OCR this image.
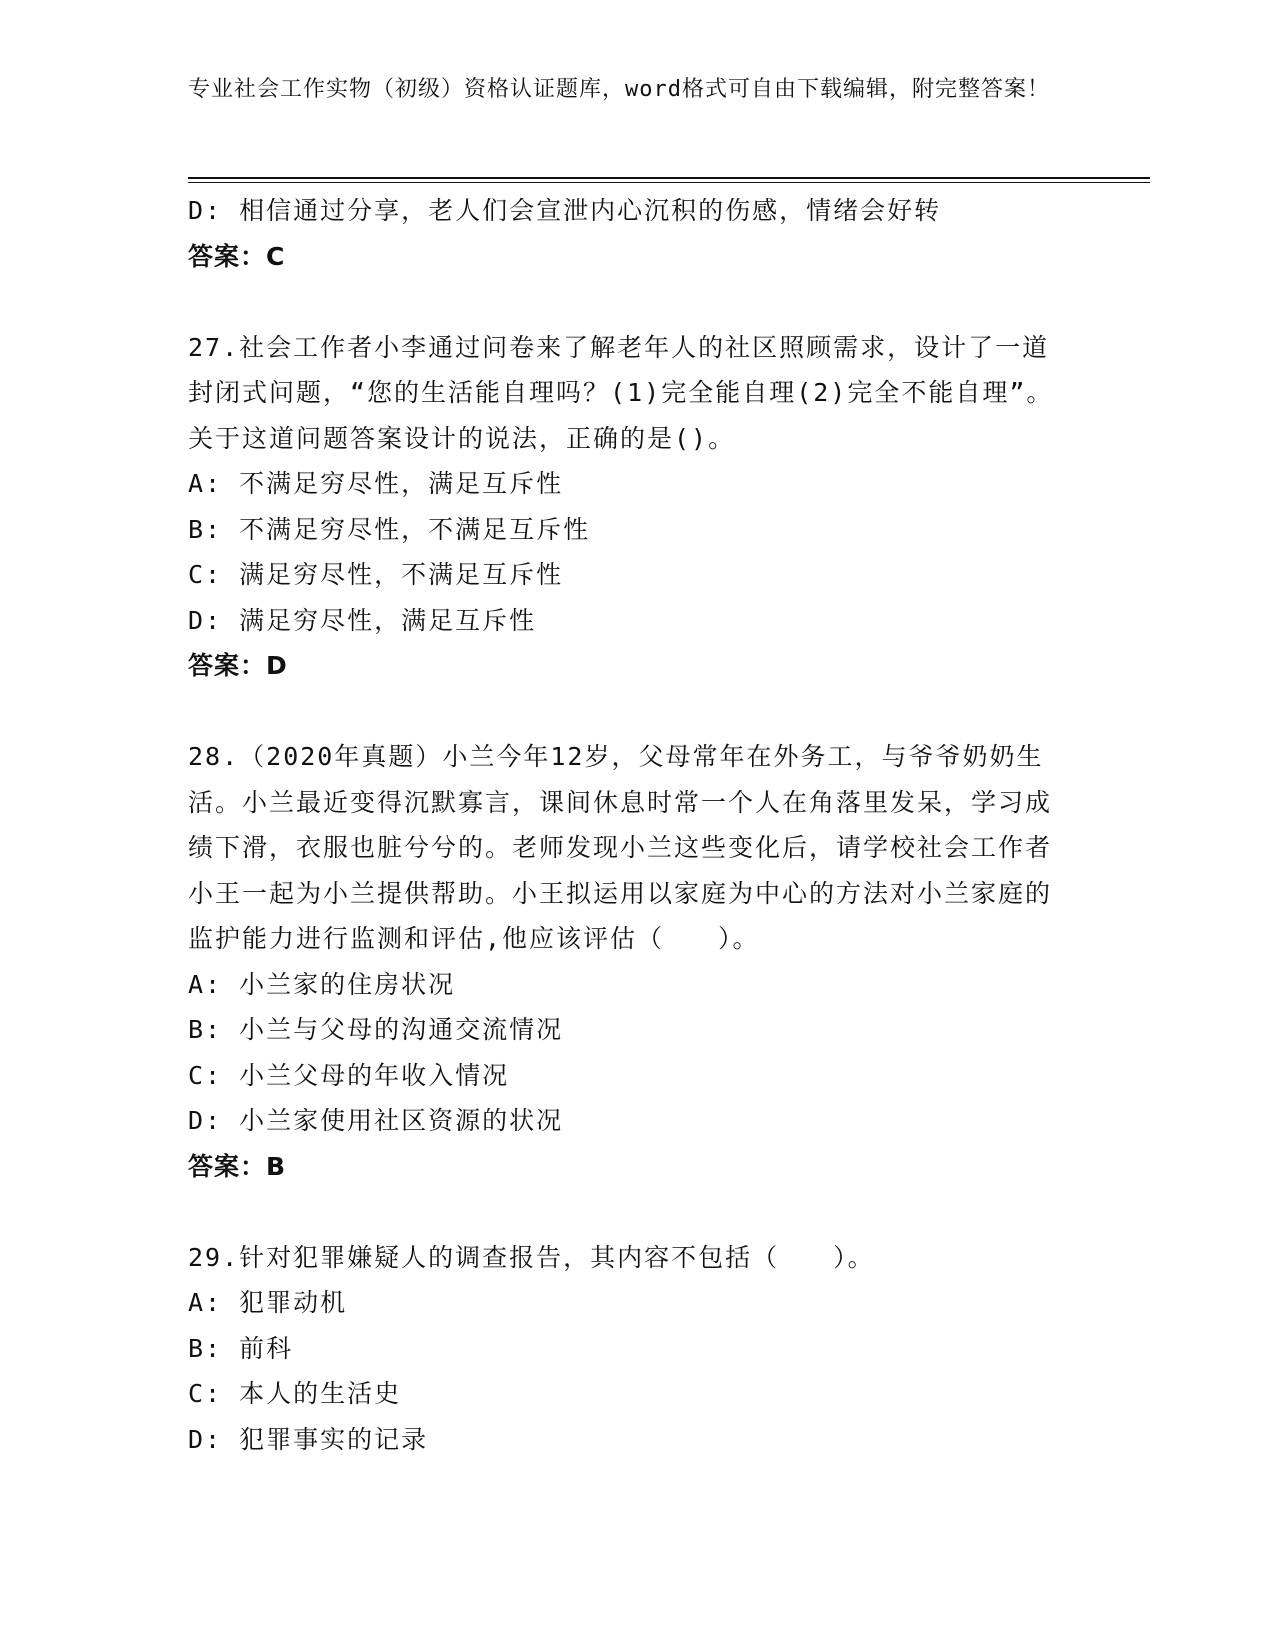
专业社会工作实物（初级）资格认证题库，word格式可自由下载编辑，附完整答案！
D: 相信通过分享，老人们会宣泄内心沉积的伤感，情绪会好转
答案：C
27.社会工作者小李通过问卷来了解老年人的社区照顾需求，设计了一道封闭式问题，“您的生活能自理吗？(1)完全能自理(2)完全不能自理”。关于这道问题答案设计的说法，正确的是()。
A: 不满足穷尽性，满足互斥性
B: 不满足穷尽性，不满足互斥性
C: 满足穷尽性，不满足互斥性
D: 满足穷尽性，满足互斥性
答案：D
28.（2020年真题）小兰今年12岁，父母常年在外务工，与爷爷奶奶生活。小兰最近变得沉默寡言，课间休息时常一个人在角落里发呆，学习成绩下滑，衣服也脏兮兮的。老师发现小兰这些变化后，请学校社会工作者小王一起为小兰提供帮助。小王拟运用以家庭为中心的方法对小兰家庭的监护能力进行监测和评估,他应该评估（　　）。
A: 小兰家的住房状况
B: 小兰与父母的沟通交流情况
C: 小兰父母的年收入情况
D: 小兰家使用社区资源的状况
答案：B
29.针对犯罪嫌疑人的调查报告，其内容不包括（　　）。
A: 犯罪动机
B: 前科
C: 本人的生活史
D: 犯罪事实的记录
